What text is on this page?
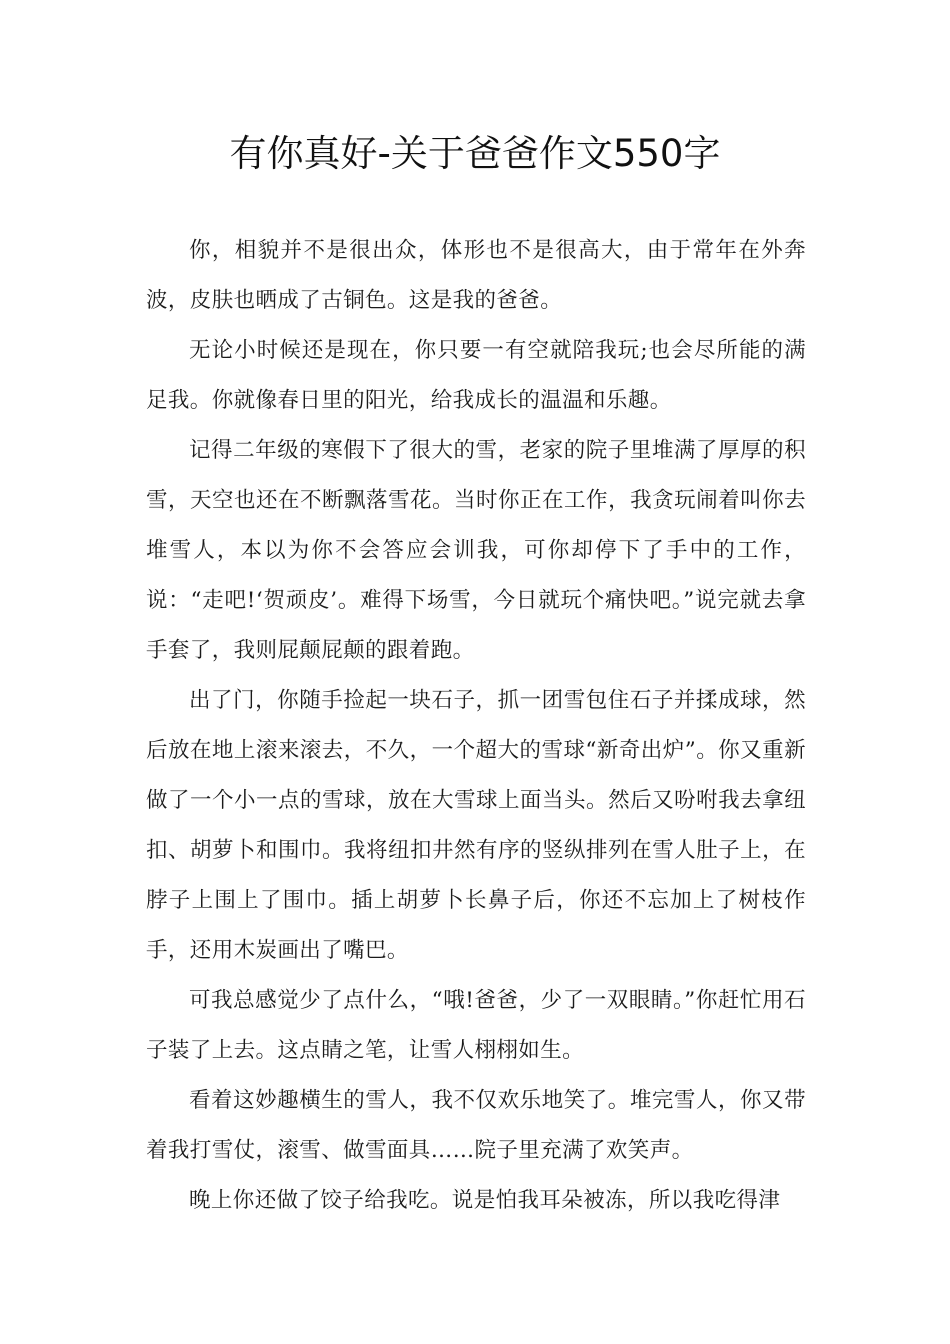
有你真好-关于爸爸作文550字

你，相貌并不是很出众，体形也不是很高大，由于常年在外奔波，皮肤也晒成了古铜色。这是我的爸爸。

无论小时候还是现在，你只要一有空就陪我玩;也会尽所能的满足我。你就像春日里的阳光，给我成长的温温和乐趣。

记得二年级的寒假下了很大的雪，老家的院子里堆满了厚厚的积雪，天空也还在不断飘落雪花。当时你正在工作，我贪玩闹着叫你去堆雪人，本以为你不会答应会训我，可你却停下了手中的工作，说：“走吧!‘贺顽皮’。难得下场雪，今日就玩个痛快吧。”说完就去拿手套了，我则屁颠屁颠的跟着跑。

出了门，你随手捡起一块石子，抓一团雪包住石子并揉成球，然后放在地上滚来滚去，不久，一个超大的雪球“新奇出炉”。你又重新做了一个小一点的雪球，放在大雪球上面当头。然后又吩咐我去拿纽扣、胡萝卜和围巾。我将纽扣井然有序的竖纵排列在雪人肚子上，在脖子上围上了围巾。插上胡萝卜长鼻子后，你还不忘加上了树枝作手，还用木炭画出了嘴巴。

可我总感觉少了点什么，“哦!爸爸，少了一双眼睛。”你赶忙用石子装了上去。这点睛之笔，让雪人栩栩如生。

看着这妙趣横生的雪人，我不仅欢乐地笑了。堆完雪人，你又带着我打雪仗，滚雪、做雪面具……院子里充满了欢笑声。

晚上你还做了饺子给我吃。说是怕我耳朵被冻，所以我吃得津
